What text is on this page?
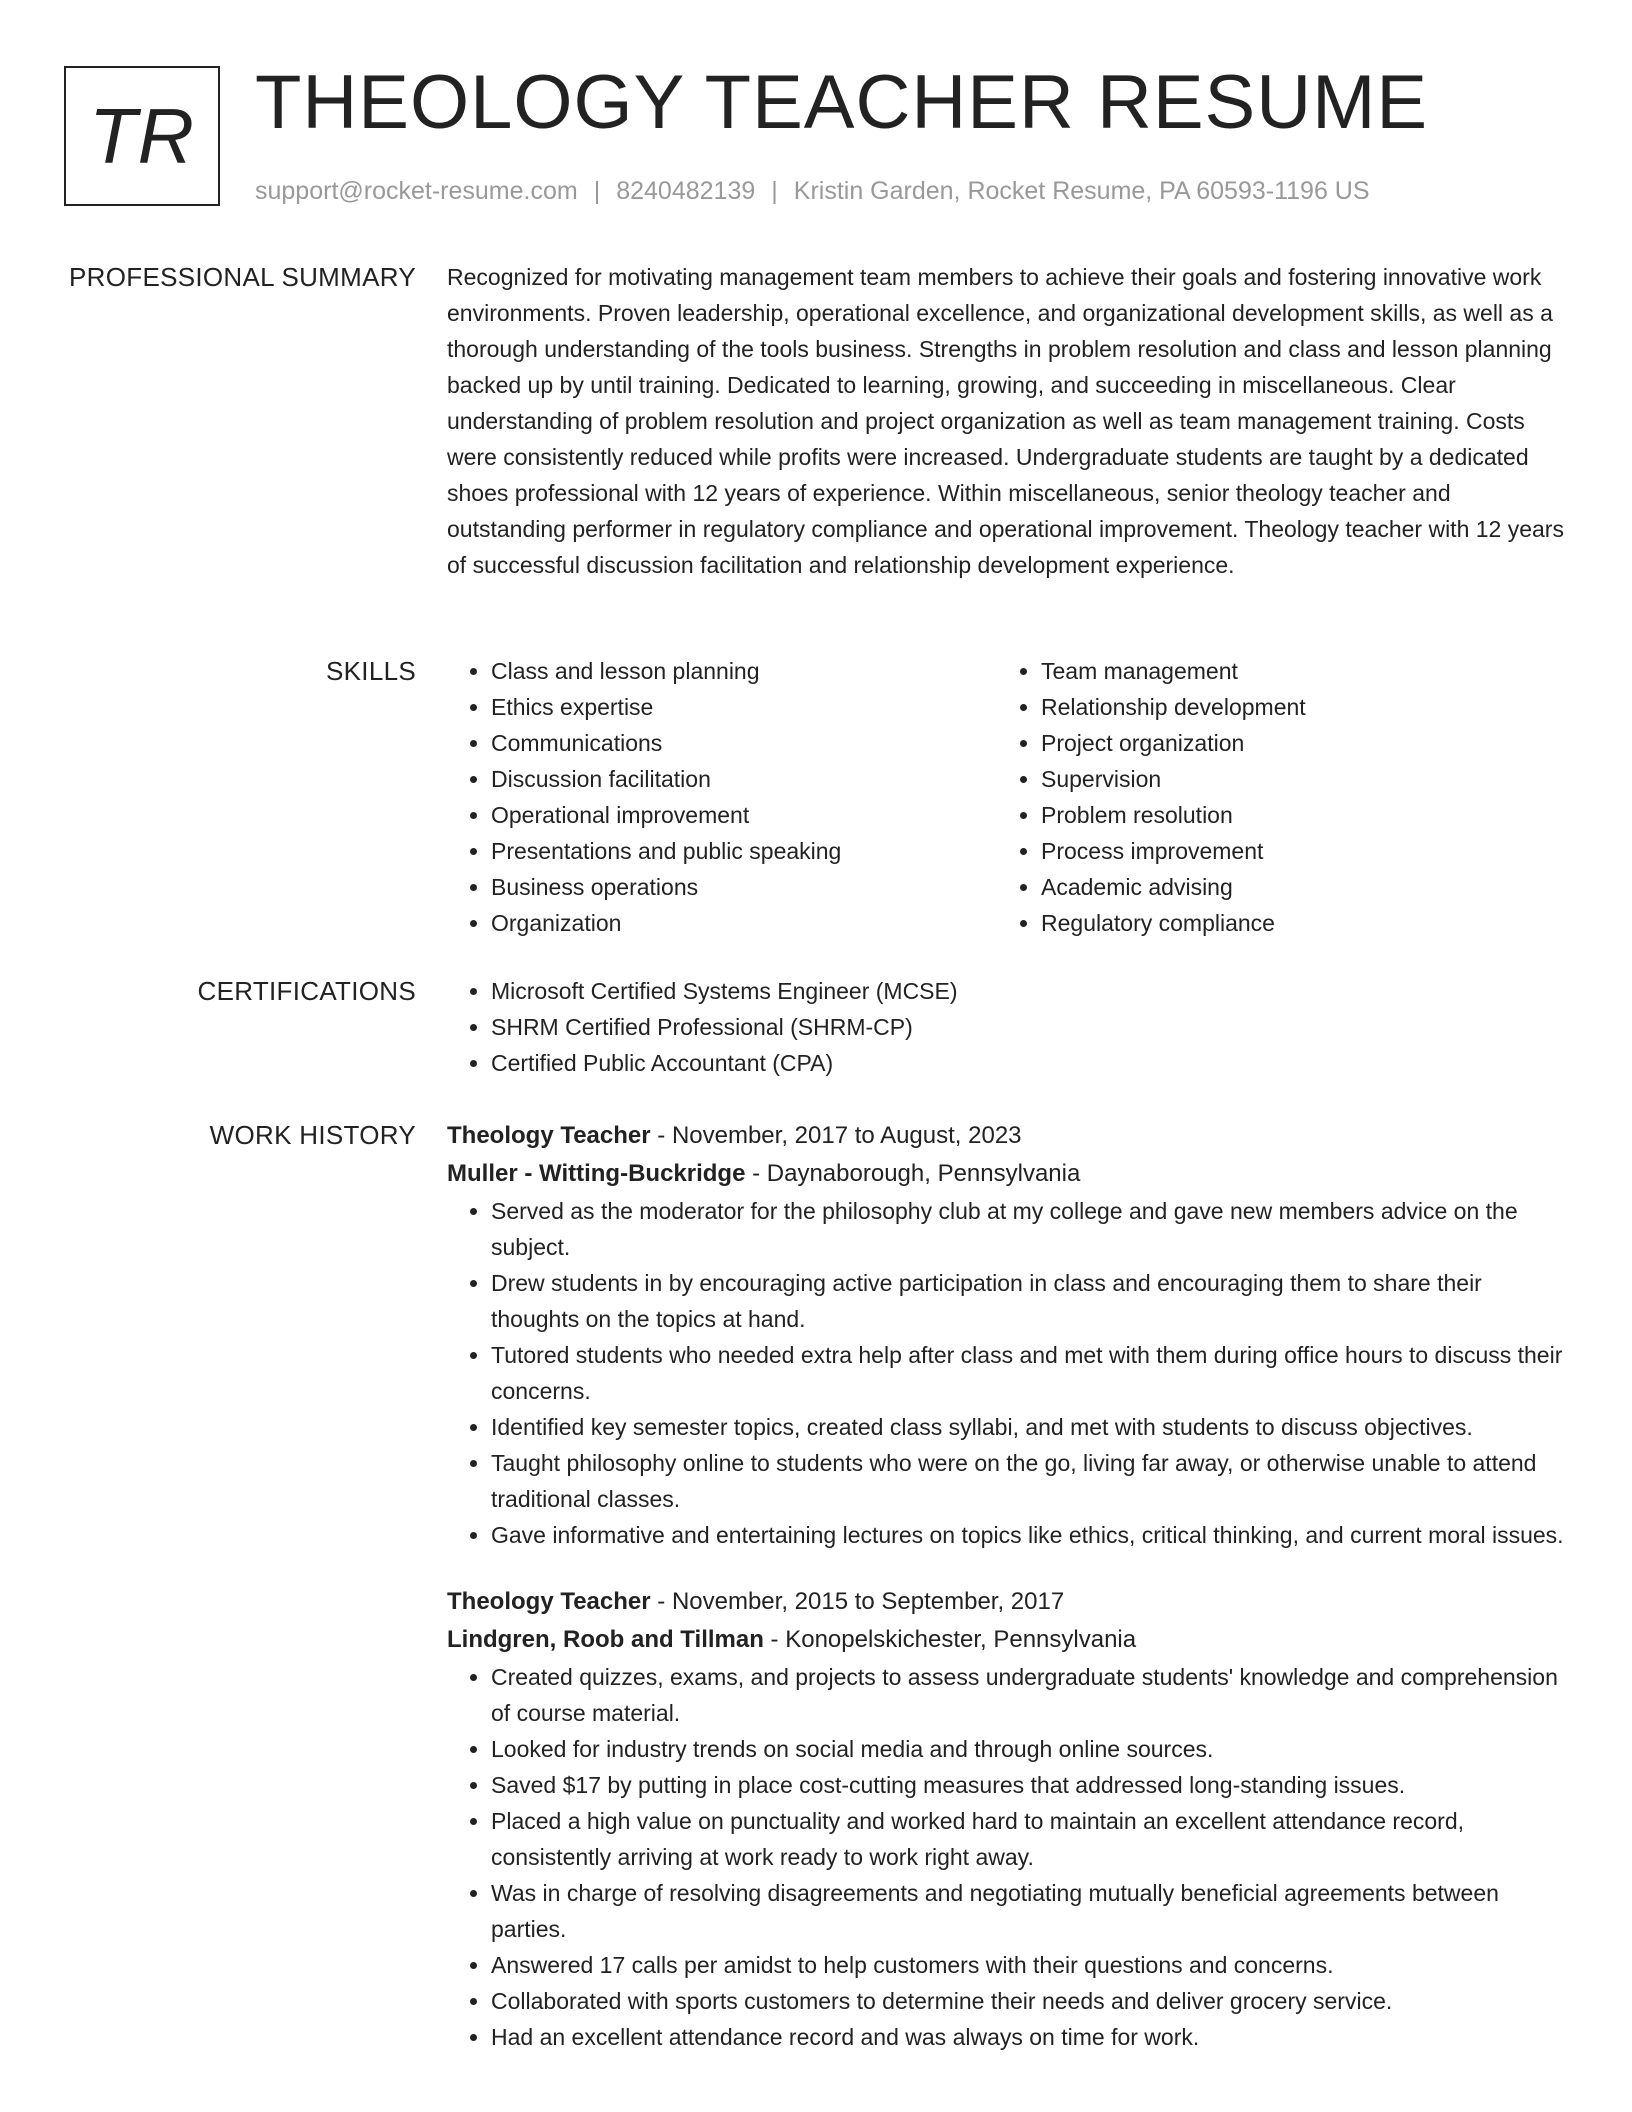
TR THEOLOGY TEACHER RESUME
support@rocket-resume.com | 8240482139 | Kristin Garden, Rocket Resume, PA 60593-1196 US
PROFESSIONAL SUMMARY Recognized for motivating management team members to achieve their goals and fostering innovative work environments. Proven leadership, operational excellence, and organizational development skills, as well as a thorough understanding of the tools business. Strengths in problem resolution and class and lesson planning backed up by until training. Dedicated to learning, growing, and succeeding in miscellaneous. Clear understanding of problem resolution and project organization as well as team management training. Costs were consistently reduced while profits were increased. Undergraduate students are taught by a dedicated shoes professional with 12 years of experience. Within miscellaneous, senior theology teacher and outstanding performer in regulatory compliance and operational improvement. Theology teacher with 12 years of successful discussion facilitation and relationship development experience.

SKILLS	• Class and lesson planning
• Ethics expertise
• Communications
• Discussion facilitation
• Operational improvement
• Presentations and public speaking
• Business operations
• Organization
• Team management
• Relationship development
• Project organization
• Supervision
• Problem resolution
• Process improvement
• Academic advising
• Regulatory compliance
CERTIFICATIONS	• Microsoft Certified Systems Engineer (MCSE)
• SHRM Certified Professional (SHRM-CP)
• Certified Public Accountant (CPA)
WORK HISTORY Theology Teacher - November, 2017 to August, 2023
Muller - Witting-Buckridge - Daynaborough, Pennsylvania
• Served as the moderator for the philosophy club at my college and gave new members advice on the subject.
• Drew students in by encouraging active participation in class and encouraging them to share their thoughts on the topics at hand.
• Tutored students who needed extra help after class and met with them during office hours to discuss their concerns.
• Identified key semester topics, created class syllabi, and met with students to discuss objectives.
• Taught philosophy online to students who were on the go, living far away, or otherwise unable to attend traditional classes.
• Gave informative and entertaining lectures on topics like ethics, critical thinking, and current moral issues.
Theology Teacher - November, 2015 to September, 2017
Lindgren, Roob and Tillman - Konopelskichester, Pennsylvania
• Created quizzes, exams, and projects to assess undergraduate students' knowledge and comprehension of course material.
• Looked for industry trends on social media and through online sources.
• Saved $17 by putting in place cost-cutting measures that addressed long-standing issues.
• Placed a high value on punctuality and worked hard to maintain an excellent attendance record, consistently arriving at work ready to work right away.
• Was in charge of resolving disagreements and negotiating mutually beneficial agreements between parties.
• Answered 17 calls per amidst to help customers with their questions and concerns.
• Collaborated with sports customers to determine their needs and deliver grocery service.
• Had an excellent attendance record and was always on time for work.
